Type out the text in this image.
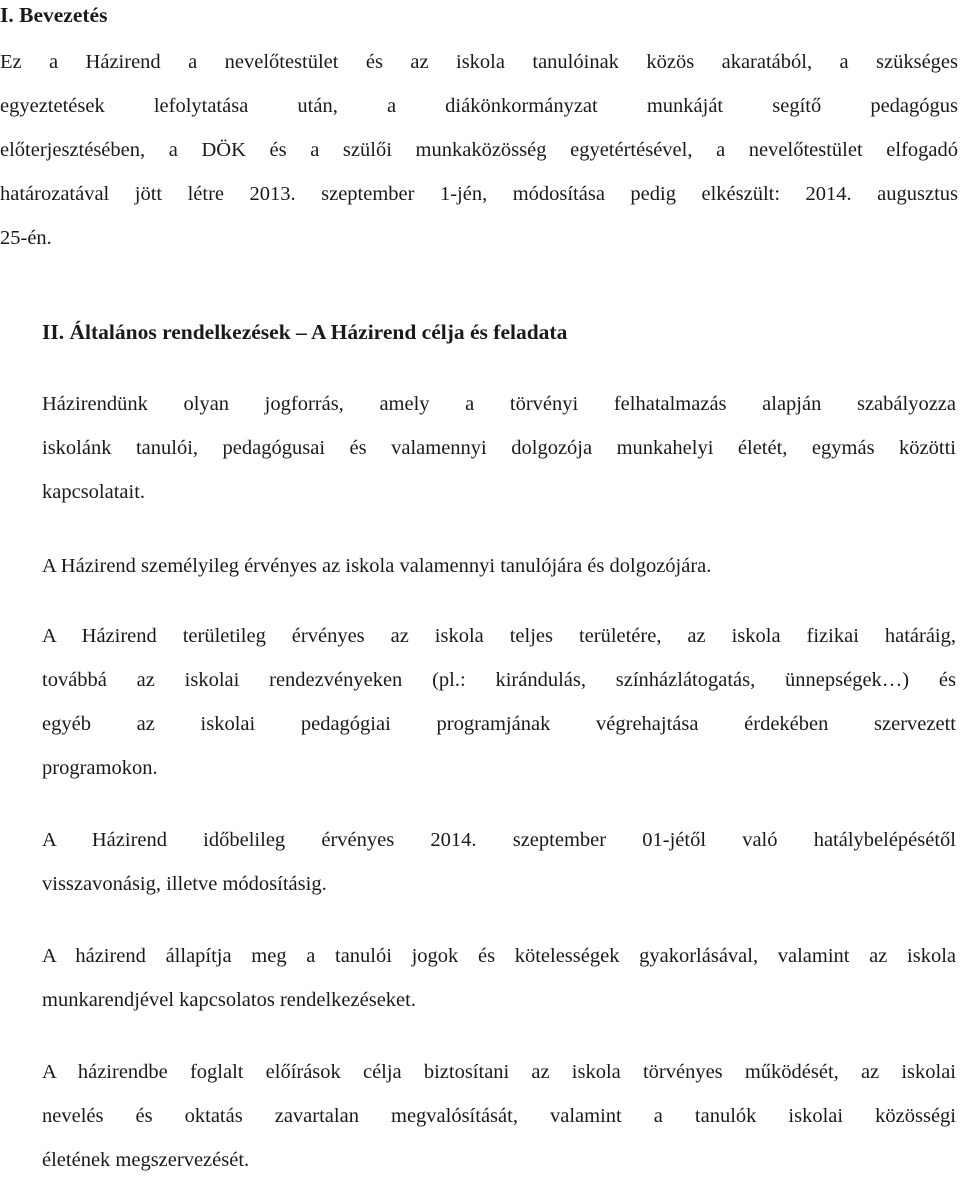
I. Bevezetés

Ez a Házirend a nevelőtestület és az iskola tanulóinak közös akaratából, a szükséges
egyeztetések lefolytatása után, a diákönkormányzat munkáját segítő pedagógus
előterjesztésében, a DÖK és a szülői munkaközösség egyetértésével, a nevelőtestület elfogadó
határozatával jött létre 2013. szeptember 1-jén, módosítása pedig elkészült: 2014. augusztus
25-én.

II. Általános rendelkezések – A Házirend célja és feladata

Házirendünk olyan jogforrás, amely a törvényi felhatalmazás alapján szabályozza
iskolánk tanulói, pedagógusai és valamennyi dolgozója munkahelyi életét, egymás közötti
kapcsolatait.

A Házirend személyileg érvényes az iskola valamennyi tanulójára és dolgozójára.

A Házirend területileg érvényes az iskola teljes területére, az iskola fizikai határáig,
továbbá az iskolai rendezvényeken (pl.: kirándulás, színházlátogatás, ünnepségek…) és
egyéb az iskolai pedagógiai programjának végrehajtása érdekében szervezett
programokon.

A Házirend időbelileg érvényes 2014. szeptember 01-jétől való hatálybelépésétől
visszavonásig, illetve módosításig.

A házirend állapítja meg a tanulói jogok és kötelességek gyakorlásával, valamint az iskola
munkarendjével kapcsolatos rendelkezéseket.

A házirendbe foglalt előírások célja biztosítani az iskola törvényes működését, az iskolai
nevelés és oktatás zavartalan megvalósítását, valamint a tanulók iskolai közösségi
életének megszervezését.
